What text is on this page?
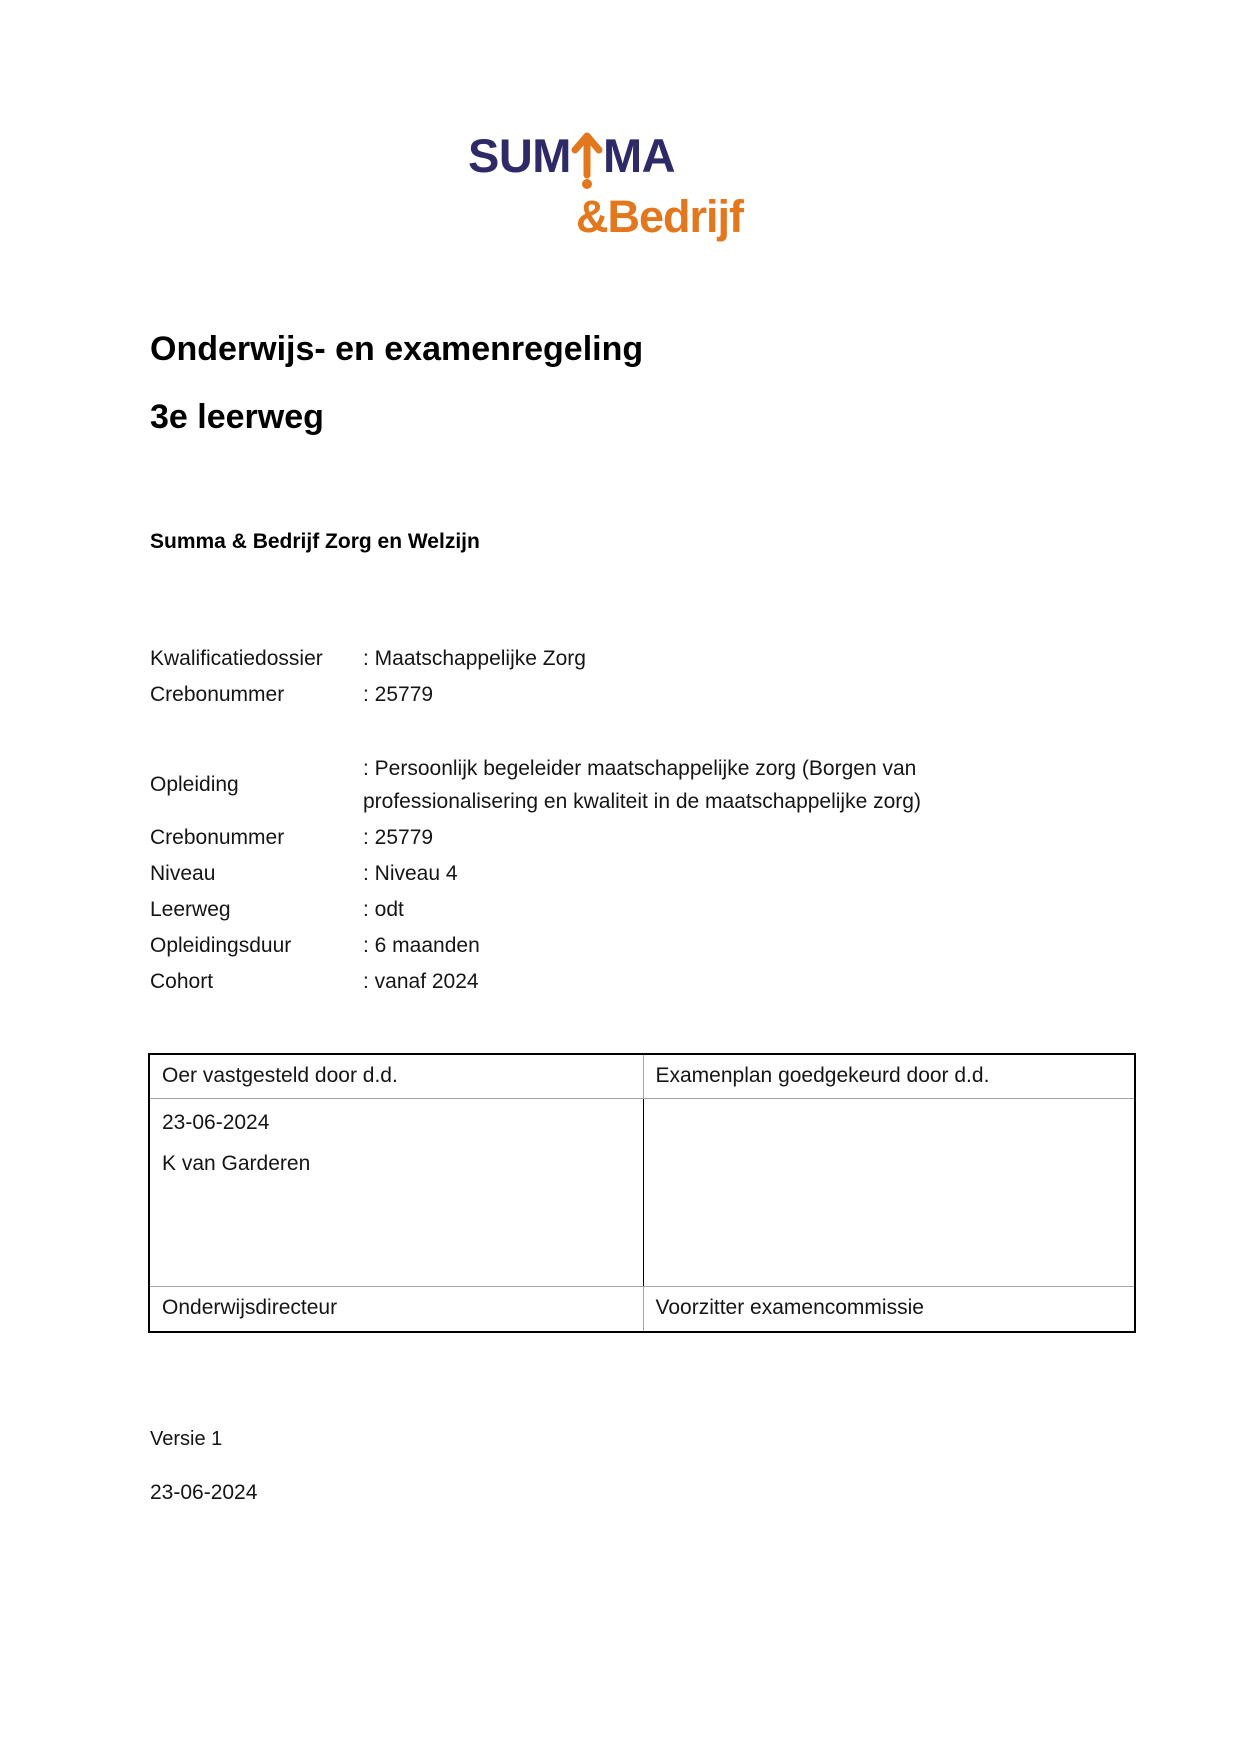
SUM MA
&Bedrijf
Onderwijs- en examenregeling
3e leerweg
Summa & Bedrijf Zorg en Welzijn
Kwalificatiedossier	: Maatschappelijke Zorg
Crebonummer	: 25779
Opleiding
: Persoonlijk begeleider maatschappelijke zorg (Borgen van professionalisering en kwaliteit in de maatschappelijke zorg)
Crebonummer	: 25779
Niveau	: Niveau 4
Leerweg	: odt
Opleidingsduur	: 6 maanden
Cohort	: vanaf 2024
Oer vastgesteld door d.d.	Examenplan goedgekeurd door d.d.

23-06-2024

K van Garderen	

Onderwijsdirecteur	Voorzitter examencommissie
Versie 1
23-06-2024
